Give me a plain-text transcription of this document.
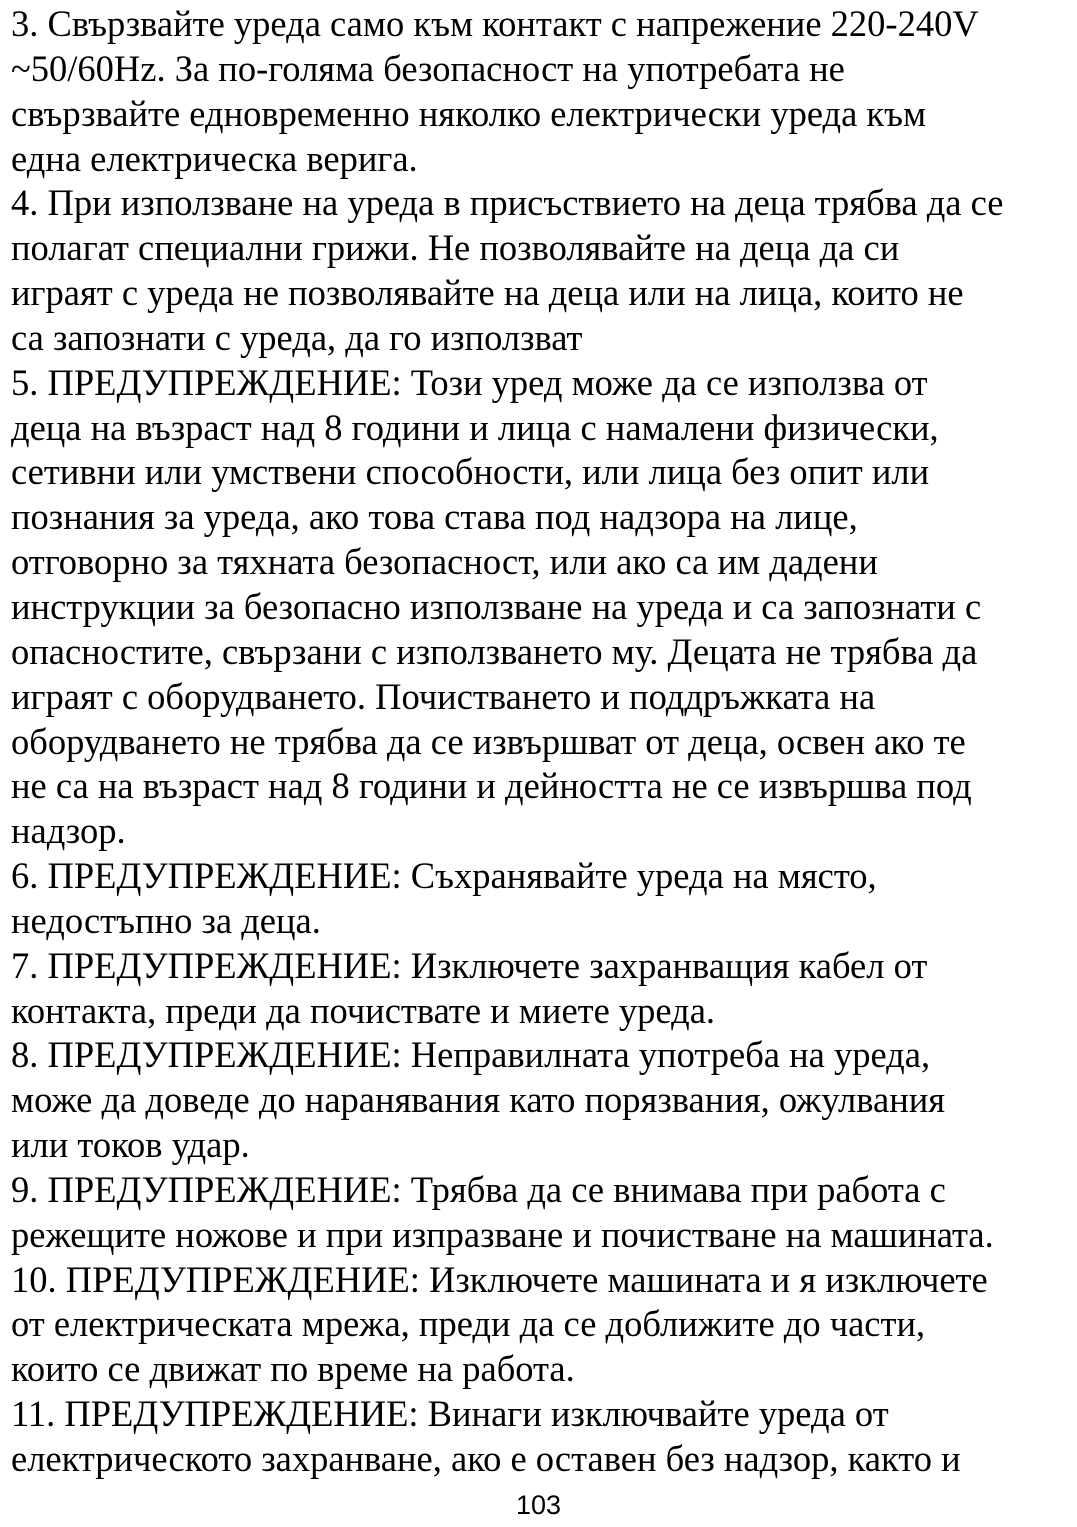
3. Свързвайте уреда само към контакт с напрежение 220-240V
~50/60Hz. За по-голяма безопасност на употребата не
свързвайте едновременно няколко електрически уреда към
една електрическа верига.
4. При използване на уреда в присъствието на деца трябва да се
полагат специални грижи. Не позволявайте на деца да си
играят с уреда не позволявайте на деца или на лица, които не
са запознати с уреда, да го използват
5. ПРЕДУПРЕЖДЕНИЕ: Този уред може да се използва от
деца на възраст над 8 години и лица с намалени физически,
сетивни или умствени способности, или лица без опит или
познания за уреда, ако това става под надзора на лице,
отговорно за тяхната безопасност, или ако са им дадени
инструкции за безопасно използване на уреда и са запознати с
опасностите, свързани с използването му. Децата не трябва да
играят с оборудването. Почистването и поддръжката на
оборудването не трябва да се извършват от деца, освен ако те
не са на възраст над 8 години и дейността не се извършва под
надзор.
6. ПРЕДУПРЕЖДЕНИЕ: Съхранявайте уреда на място,
недостъпно за деца.
7. ПРЕДУПРЕЖДЕНИЕ: Изключете захранващия кабел от
контакта, преди да почиствате и миете уреда.
8. ПРЕДУПРЕЖДЕНИЕ: Неправилната употреба на уреда,
може да доведе до наранявания като порязвания, ожулвания
или токов удар.
9. ПРЕДУПРЕЖДЕНИЕ: Трябва да се внимава при работа с
режещите ножове и при изпразване и почистване на машината.
10. ПРЕДУПРЕЖДЕНИЕ: Изключете машината и я изключете
от електрическата мрежа, преди да се доближите до части,
които се движат по време на работа.
11. ПРЕДУПРЕЖДЕНИЕ: Винаги изключвайте уреда от
електрическото захранване, ако е оставен без надзор, както и
103
